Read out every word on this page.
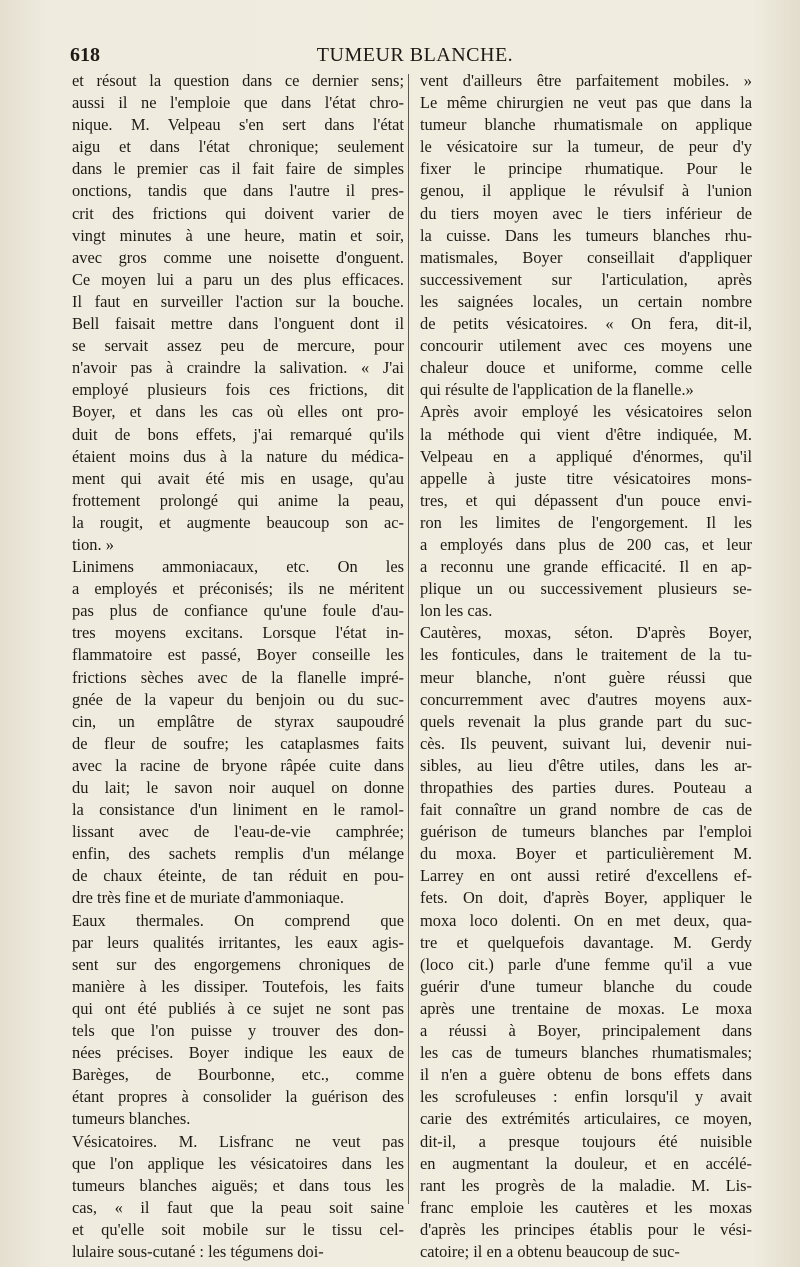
618	TUMEUR BLANCHE.
et résout la question dans ce dernier sens;
aussi il ne l'emploie que dans l'état chro-
nique. M. Velpeau s'en sert dans l'état
aigu et dans l'état chronique; seulement
dans le premier cas il fait faire de simples
onctions, tandis que dans l'autre il pres-
crit des frictions qui doivent varier de
vingt minutes à une heure, matin et soir,
avec gros comme une noisette d'onguent.
Ce moyen lui a paru un des plus efficaces.
Il faut en surveiller l'action sur la bouche.
Bell faisait mettre dans l'onguent dont il
se servait assez peu de mercure, pour
n'avoir pas à craindre la salivation. « J'ai
employé plusieurs fois ces frictions, dit
Boyer, et dans les cas où elles ont pro-
duit de bons effets, j'ai remarqué qu'ils
étaient moins dus à la nature du médica-
ment qui avait été mis en usage, qu'au
frottement prolongé qui anime la peau,
la rougit, et augmente beaucoup son ac-
tion. »
Linimens ammoniacaux, etc. On les
a employés et préconisés; ils ne méritent
pas plus de confiance qu'une foule d'au-
tres moyens excitans. Lorsque l'état in-
flammatoire est passé, Boyer conseille les
frictions sèches avec de la flanelle impré-
gnée de la vapeur du benjoin ou du suc-
cin, un emplâtre de styrax saupoudré
de fleur de soufre; les cataplasmes faits
avec la racine de bryone râpée cuite dans
du lait; le savon noir auquel on donne
la consistance d'un liniment en le ramol-
lissant avec de l'eau-de-vie camphrée;
enfin, des sachets remplis d'un mélange
de chaux éteinte, de tan réduit en pou-
dre très fine et de muriate d'ammoniaque.
Eaux thermales. On comprend que
par leurs qualités irritantes, les eaux agis-
sent sur des engorgemens chroniques de
manière à les dissiper. Toutefois, les faits
qui ont été publiés à ce sujet ne sont pas
tels que l'on puisse y trouver des don-
nées précises. Boyer indique les eaux de
Barèges, de Bourbonne, etc., comme
étant propres à consolider la guérison des
tumeurs blanches.
Vésicatoires. M. Lisfranc ne veut pas
que l'on applique les vésicatoires dans les
tumeurs blanches aiguës; et dans tous les
cas, « il faut que la peau soit saine
et qu'elle soit mobile sur le tissu cel-
lulaire sous-cutané : les tégumens doi-
vent d'ailleurs être parfaitement mobiles. »
Le même chirurgien ne veut pas que dans la
tumeur blanche rhumatismale on applique
le vésicatoire sur la tumeur, de peur d'y
fixer le principe rhumatique. Pour le
genou, il applique le révulsif à l'union
du tiers moyen avec le tiers inférieur de
la cuisse. Dans les tumeurs blanches rhu-
matismales, Boyer conseillait d'appliquer
successivement sur l'articulation, après
les saignées locales, un certain nombre
de petits vésicatoires. « On fera, dit-il,
concourir utilement avec ces moyens une
chaleur douce et uniforme, comme celle
qui résulte de l'application de la flanelle.»
Après avoir employé les vésicatoires selon
la méthode qui vient d'être indiquée, M.
Velpeau en a appliqué d'énormes, qu'il
appelle à juste titre vésicatoires mons-
tres, et qui dépassent d'un pouce envi-
ron les limites de l'engorgement. Il les
a employés dans plus de 200 cas, et leur
a reconnu une grande efficacité. Il en ap-
plique un ou successivement plusieurs se-
lon les cas.
Cautères, moxas, séton. D'après Boyer,
les fonticules, dans le traitement de la tu-
meur blanche, n'ont guère réussi que
concurremment avec d'autres moyens aux-
quels revenait la plus grande part du suc-
cès. Ils peuvent, suivant lui, devenir nui-
sibles, au lieu d'être utiles, dans les ar-
thropathies des parties dures. Pouteau a
fait connaître un grand nombre de cas de
guérison de tumeurs blanches par l'emploi
du moxa. Boyer et particulièrement M.
Larrey en ont aussi retiré d'excellens ef-
fets. On doit, d'après Boyer, appliquer le
moxa loco dolenti. On en met deux, qua-
tre et quelquefois davantage. M. Gerdy
(loco cit.) parle d'une femme qu'il a vue
guérir d'une tumeur blanche du coude
après une trentaine de moxas. Le moxa
a réussi à Boyer, principalement dans
les cas de tumeurs blanches rhumatismales;
il n'en a guère obtenu de bons effets dans
les scrofuleuses : enfin lorsqu'il y avait
carie des extrémités articulaires, ce moyen,
dit-il, a presque toujours été nuisible
en augmentant la douleur, et en accélé-
rant les progrès de la maladie. M. Lis-
franc emploie les cautères et les moxas
d'après les principes établis pour le vési-
catoire; il en a obtenu beaucoup de suc-
